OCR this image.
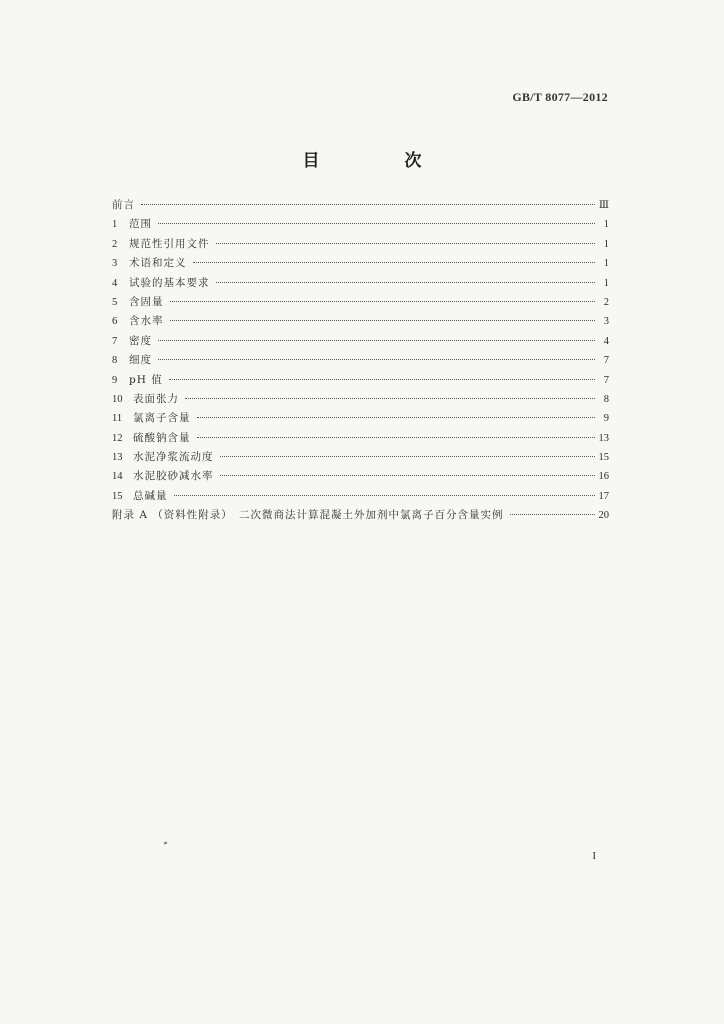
GB/T 8077—2012
目　次
前言	Ⅲ
1	范围	1
2	规范性引用文件	1
3	术语和定义	1
4	试验的基本要求	1
5	含固量	2
6	含水率	3
7	密度	4
8	细度	7
9	pH 值	7
10	表面张力	8
11	氯离子含量	9
12	硫酸钠含量	13
13	水泥净浆流动度	15
14	水泥胶砂减水率	16
15	总碱量	17
附录 A （资料性附录）　二次微商法计算混凝土外加剂中氯离子百分含量实例	20
I
